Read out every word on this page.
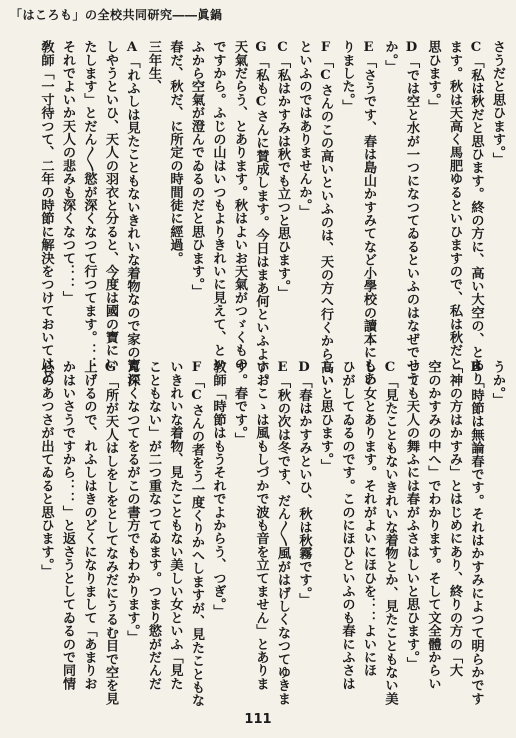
「はころも」の全校共同研究――眞鍋
さうだと思ひます。」
C「私は秋だと思ひます。終の方に、高い大空の、とあり
ます。秋は天高く馬肥ゆるといひますので、私は秋だと
思ひます。」
D「では空と水が一つになつてゐるといふのはなぜでせう
か。」
E「さうです、春は島山かすみてなど小學校の讀本にもあ
りました。」
F「Cさんのこの高いといふのは、天の方へ行くから高い
といふのではありませんか。」
C「私はかすみは秋でも立つと思ひます。」
G「私もCさんに賛成します。今日はまあ何といふよいお
天氣だらう、とあります。秋はよいお天氣がつゞくもの
ですから。ふじの山はいつもよりきれいに見えて、とい
ふから空氣が澄んでゐるのだと思ひます。」
春だ、秋だ、に所定の時間徒に經過。
三年生、
A「れふしは見たこともないきれいな着物なので家の寶に
しやうといひ、天人の羽衣と分ると、今度は國の寶にい
たします」とだん〳〵慾が深くなつて行つてます。：：
それでよいか天人の悲みも深くなつて：：」
敎師「一寸待つて、二年の時節に解決をつけておいてはど	うか。」
B「時節は無論春です。それはかすみによつて明らかです
「神の方はかすみ」とはじめにあり、終りの方の「大
空のかすみの中へ」でわかります。そして文全體からい
つても天人の舞ふには春がふさはしいと思ひます。」
C「見たこともないきれいな着物とか、見たこともない美
しい女とあります。それがよいにほひを：：よいにほ
ひがしてゐるのです。このにほひといふのも春にふさは
しいと思ひます。」
D「春はかすみといひ、秋は秋霧です。」
E「秋の次は冬です、だん〳〵風がはげしくなつてゆきま
す。こゝは風もしづかで波も音を立てません」とありま
す。春です。」
敎師「時節はもうそれでよからう、つぎ。」
F「Cさんの者をう一度くりかへしますが、見たこともな
いきれいな着物、見たこともない美しい女といふ「見た
こともない」が二つ重なつてゐます。つまり慾がだんだ
ん深くなつてをるがこの書方でもわかります。」
G「所が天人はしをしをとしてなみだにうるむ目で空を見
上げるので、れふしはきのどくになりまして「あまりお
かはいさうですから：：」と返さうとしてゐるので同情
心のあつさが出てゐると思ひます。」
111
